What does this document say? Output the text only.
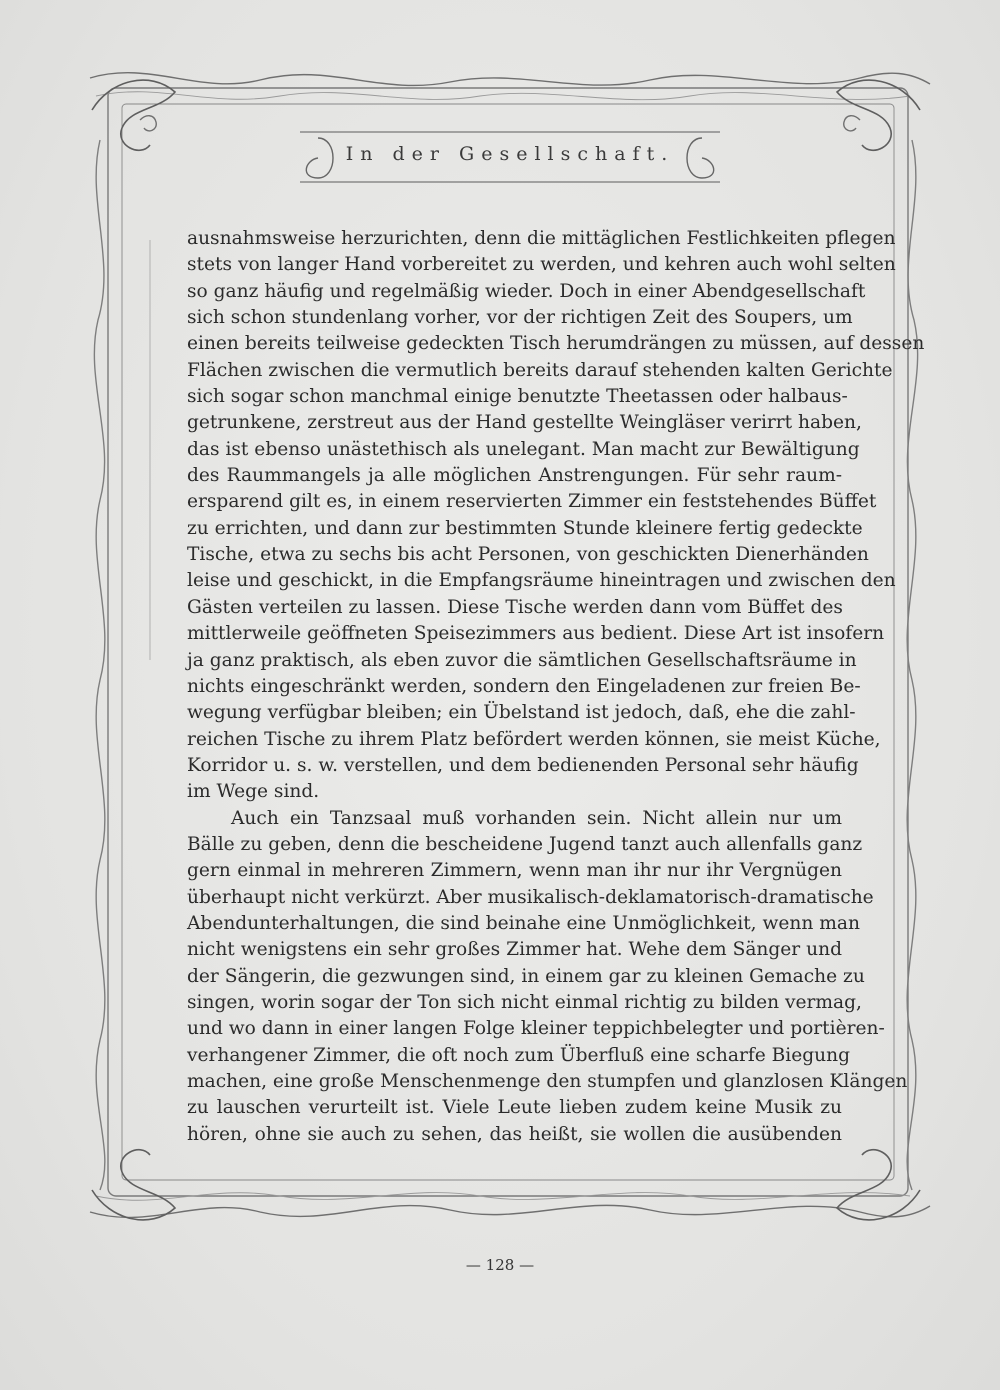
In der Gesellschaft.
ausnahmsweise herzurichten, denn die mittäglichen Festlichkeiten pflegen
stets von langer Hand vorbereitet zu werden, und kehren auch wohl selten
so ganz häufig und regelmäßig wieder. Doch in einer Abendgesellschaft
sich schon stundenlang vorher, vor der richtigen Zeit des Soupers, um
einen bereits teilweise gedeckten Tisch herumdrängen zu müssen, auf dessen
Flächen zwischen die vermutlich bereits darauf stehenden kalten Gerichte
sich sogar schon manchmal einige benutzte Theetassen oder halbaus-
getrunkene, zerstreut aus der Hand gestellte Weingläser verirrt haben,
das ist ebenso unästethisch als unelegant. Man macht zur Bewältigung
des Raummangels ja alle möglichen Anstrengungen. Für sehr raum-
ersparend gilt es, in einem reservierten Zimmer ein feststehendes Büffet
zu errichten, und dann zur bestimmten Stunde kleinere fertig gedeckte
Tische, etwa zu sechs bis acht Personen, von geschickten Dienerhänden
leise und geschickt, in die Empfangsräume hineintragen und zwischen den
Gästen verteilen zu lassen. Diese Tische werden dann vom Büffet des
mittlerweile geöffneten Speisezimmers aus bedient. Diese Art ist insofern
ja ganz praktisch, als eben zuvor die sämtlichen Gesellschaftsräume in
nichts eingeschränkt werden, sondern den Eingeladenen zur freien Be-
wegung verfügbar bleiben; ein Übelstand ist jedoch, daß, ehe die zahl-
reichen Tische zu ihrem Platz befördert werden können, sie meist Küche,
Korridor u. s. w. verstellen, und dem bedienenden Personal sehr häufig
im Wege sind.
Auch ein Tanzsaal muß vorhanden sein. Nicht allein nur um
Bälle zu geben, denn die bescheidene Jugend tanzt auch allenfalls ganz
gern einmal in mehreren Zimmern, wenn man ihr nur ihr Vergnügen
überhaupt nicht verkürzt. Aber musikalisch-deklamatorisch-dramatische
Abendunterhaltungen, die sind beinahe eine Unmöglichkeit, wenn man
nicht wenigstens ein sehr großes Zimmer hat. Wehe dem Sänger und
der Sängerin, die gezwungen sind, in einem gar zu kleinen Gemache zu
singen, worin sogar der Ton sich nicht einmal richtig zu bilden vermag,
und wo dann in einer langen Folge kleiner teppichbelegter und portièren-
verhangener Zimmer, die oft noch zum Überfluß eine scharfe Biegung
machen, eine große Menschenmenge den stumpfen und glanzlosen Klängen
zu lauschen verurteilt ist. Viele Leute lieben zudem keine Musik zu
hören, ohne sie auch zu sehen, das heißt, sie wollen die ausübenden
— 128 —
